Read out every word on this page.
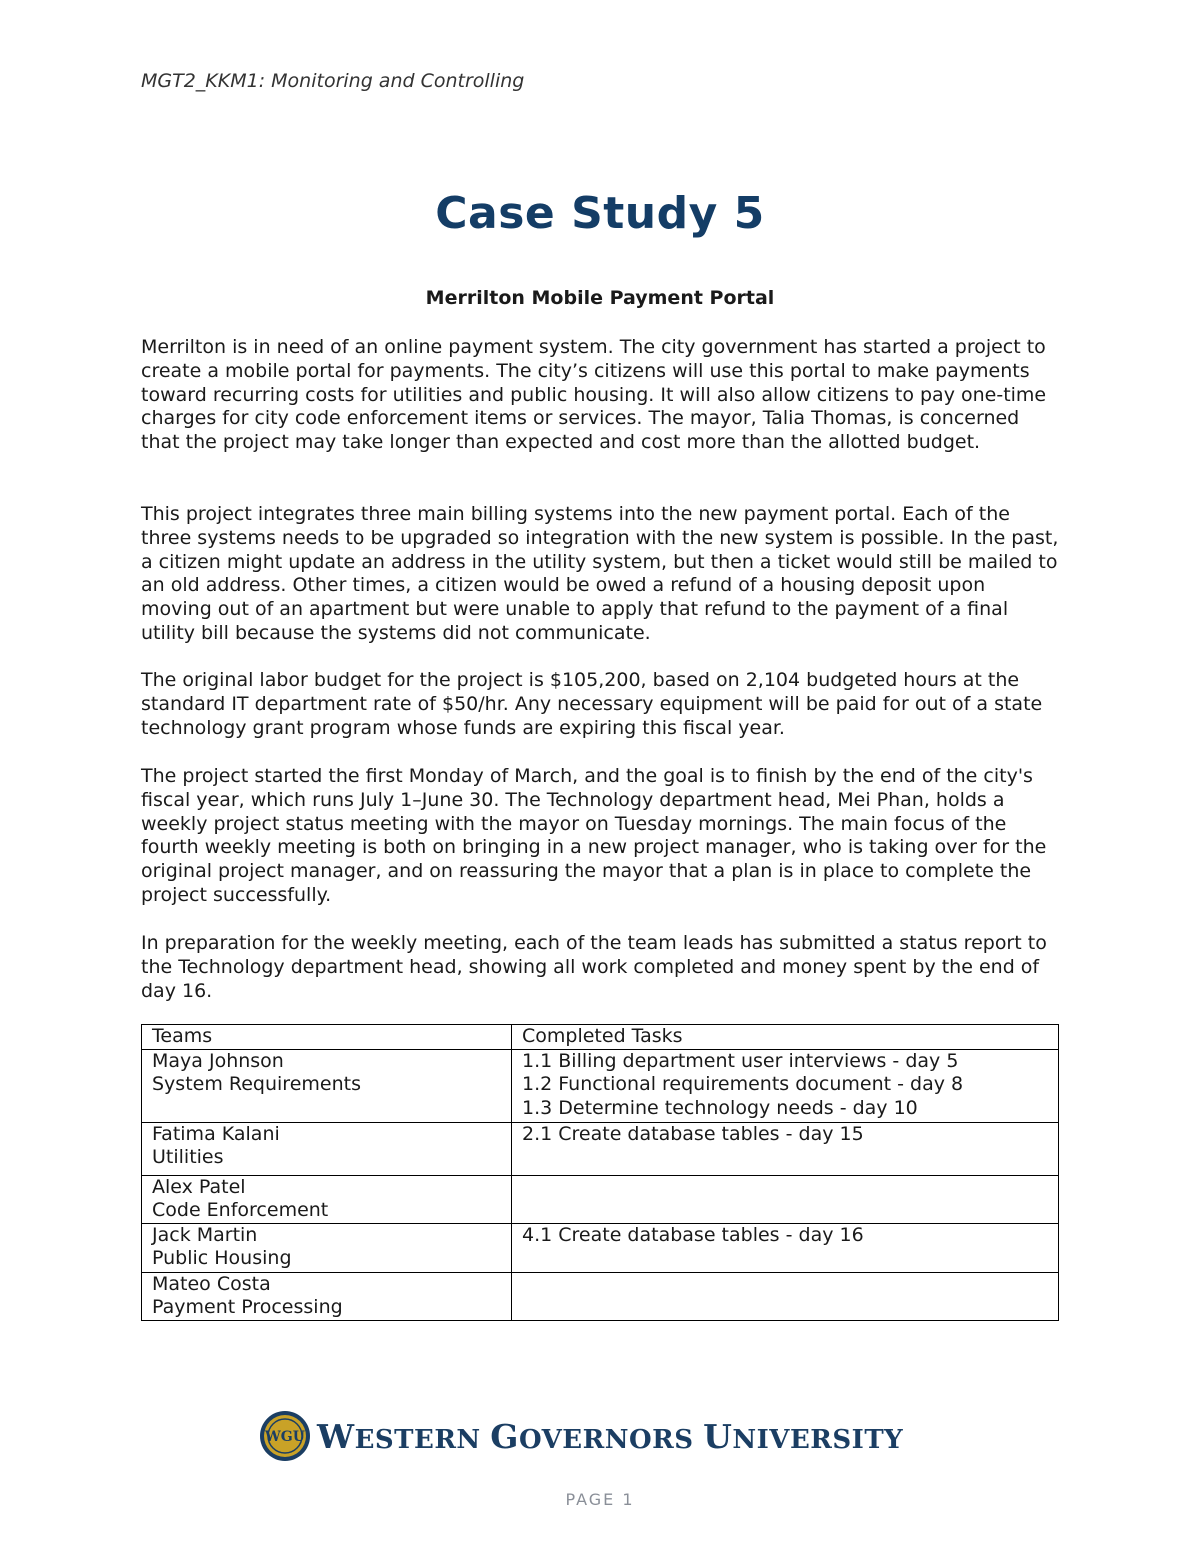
MGT2_KKM1: Monitoring and Controlling
Case Study 5
Merrilton Mobile Payment Portal

Merrilton is in need of an online payment system. The city government has started a project to create a mobile portal for payments. The city’s citizens will use this portal to make payments toward recurring costs for utilities and public housing. It will also allow citizens to pay one-time charges for city code enforcement items or services. The mayor, Talia Thomas, is concerned that the project may take longer than expected and cost more than the allotted budget.

This project integrates three main billing systems into the new payment portal. Each of the three systems needs to be upgraded so integration with the new system is possible. In the past, a citizen might update an address in the utility system, but then a ticket would still be mailed to an old address. Other times, a citizen would be owed a refund of a housing deposit upon moving out of an apartment but were unable to apply that refund to the payment of a final utility bill because the systems did not communicate.

The original labor budget for the project is $105,200, based on 2,104 budgeted hours at the standard IT department rate of $50/hr. Any necessary equipment will be paid for out of a state technology grant program whose funds are expiring this fiscal year.

The project started the first Monday of March, and the goal is to finish by the end of the city's fiscal year, which runs July 1–June 30. The Technology department head, Mei Phan, holds a weekly project status meeting with the mayor on Tuesday mornings. The main focus of the fourth weekly meeting is both on bringing in a new project manager, who is taking over for the original project manager, and on reassuring the mayor that a plan is in place to complete the project successfully.

In preparation for the weekly meeting, each of the team leads has submitted a status report to the Technology department head, showing all work completed and money spent by the end of day 16.

Teams	Completed Tasks

Maya Johnson
System Requirements	1.1 Billing department user interviews - day 5
1.2 Functional requirements document - day 8
1.3 Determine technology needs - day 10

Fatima Kalani
Utilities	2.1 Create database tables - day 15

Alex Patel
Code Enforcement	

Jack Martin
Public Housing	4.1 Create database tables - day 16

Mateo Costa
Payment Processing	

WGU WESTERN GOVERNORS UNIVERSITY
PAGE 1
